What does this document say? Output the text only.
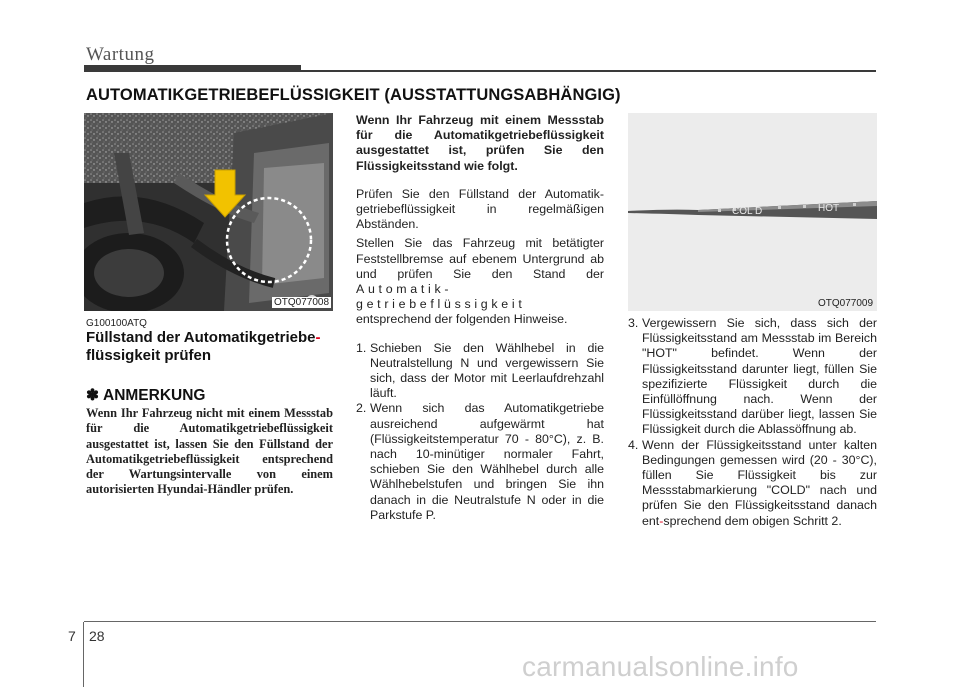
Wartung
AUTOMATIKGETRIEBEFLÜSSIGKEIT (AUSSTATTUNGSABHÄNGIG)
OTQ077008
COL D	HOT
OTQ077009
G100100ATQ
Füllstand der Automatikgetriebe-
flüssigkeit prüfen
✽ ANMERKUNG
Wenn Ihr Fahrzeug nicht mit einem Messstab für die Automatikgetriebeflüssigkeit ausgestattet ist, lassen Sie den Füllstand der Automatikgetriebeflüssigkeit entsprechend der Wartungsintervalle von einem autorisierten Hyundai-Händler prüfen.

Wenn Ihr Fahrzeug mit einem Messstab für die Automatikgetriebeflüssigkeit ausgestattet ist, prüfen Sie den Flüssigkeitsstand wie folgt.

Prüfen Sie den Füllstand der Automatik-getriebeflüssigkeit in regelmäßigen Abständen.

Stellen Sie das Fahrzeug mit betätigter Feststellbremse auf ebenem Untergrund ab und prüfen Sie den Stand der Automatik-getriebeflüssigkeit entsprechend der folgenden Hinweise.

1. Schieben Sie den Wählhebel in die Neutralstellung N und vergewissern Sie sich, dass der Motor mit Leerlaufdrehzahl läuft.
2. Wenn sich das Automatikgetriebe ausreichend aufgewärmt hat (Flüssigkeitstemperatur 70 - 80°C), z. B. nach 10-minütiger normaler Fahrt, schieben Sie den Wählhebel durch alle Wählhebelstufen und bringen Sie ihn danach in die Neutralstufe N oder in die Parkstufe P.
3. Vergewissern Sie sich, dass sich der Flüssigkeitsstand am Messstab im Bereich "HOT" befindet. Wenn der Flüssigkeitsstand darunter liegt, füllen Sie spezifizierte Flüssigkeit durch die Einfüllöffnung nach. Wenn der Flüssigkeitsstand darüber liegt, lassen Sie Flüssigkeit durch die Ablassöffnung ab.
4. Wenn der Flüssigkeitsstand unter kalten Bedingungen gemessen wird (20 - 30°C), füllen Sie Flüssigkeit bis zur Messstabmarkierung "COLD" nach und prüfen Sie den Flüssigkeitsstand danach ent-sprechend dem obigen Schritt 2.
7 28
carmanualsonline.info
